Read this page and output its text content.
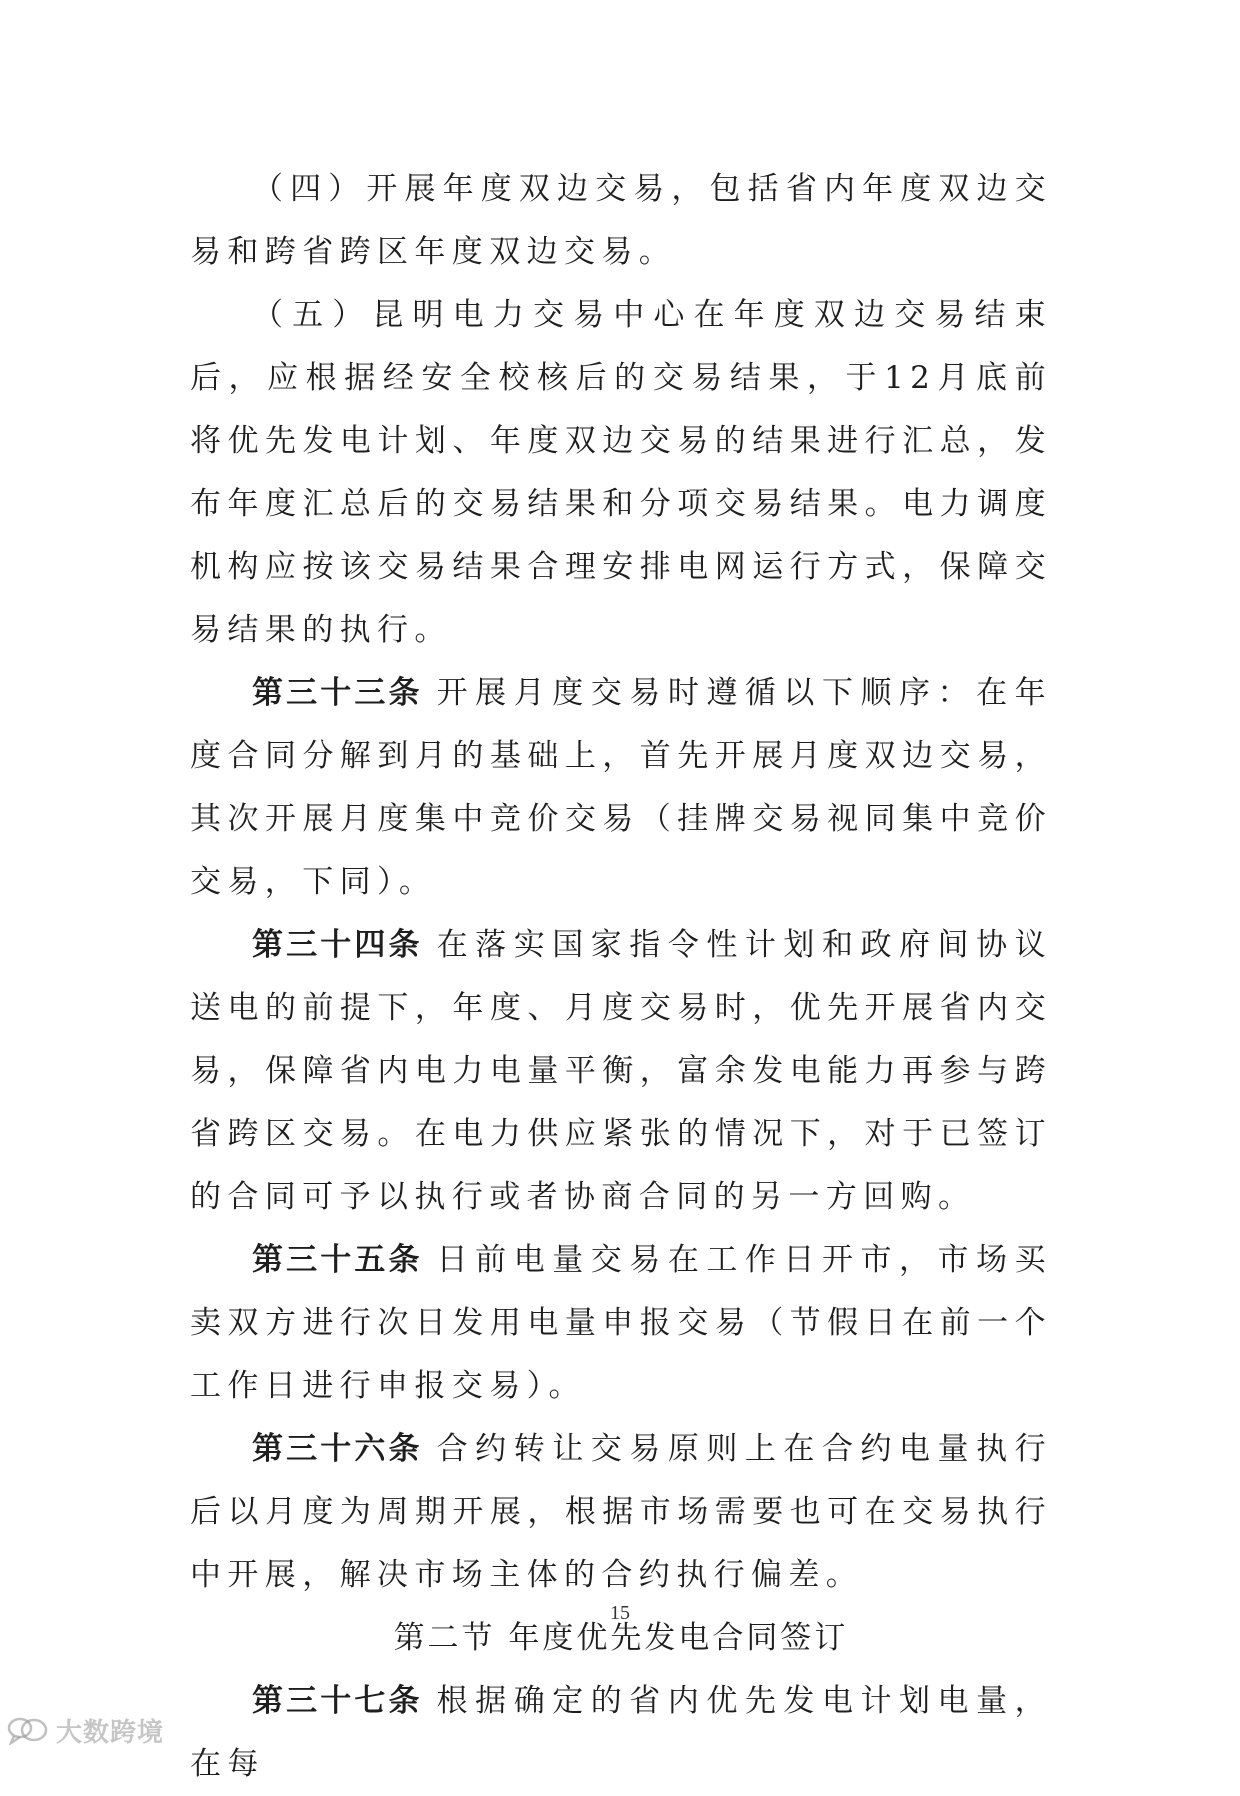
（四）开展年度双边交易，包括省内年度双边交易和跨省跨区年度双边交易。

（五）昆明电力交易中心在年度双边交易结束后，应根据经安全校核后的交易结果，于12月底前将优先发电计划、年度双边交易的结果进行汇总，发布年度汇总后的交易结果和分项交易结果。电力调度机构应按该交易结果合理安排电网运行方式，保障交易结果的执行。

第三十三条 开展月度交易时遵循以下顺序：在年度合同分解到月的基础上，首先开展月度双边交易，其次开展月度集中竞价交易（挂牌交易视同集中竞价交易，下同）。

第三十四条 在落实国家指令性计划和政府间协议送电的前提下，年度、月度交易时，优先开展省内交易，保障省内电力电量平衡，富余发电能力再参与跨省跨区交易。在电力供应紧张的情况下，对于已签订的合同可予以执行或者协商合同的另一方回购。

第三十五条 日前电量交易在工作日开市，市场买卖双方进行次日发用电量申报交易（节假日在前一个工作日进行申报交易）。

第三十六条 合约转让交易原则上在合约电量执行后以月度为周期开展，根据市场需要也可在交易执行中开展，解决市场主体的合约执行偏差。

第二节 年度优先发电合同签订

第三十七条 根据确定的省内优先发电计划电量，在每

15
大数跨境
